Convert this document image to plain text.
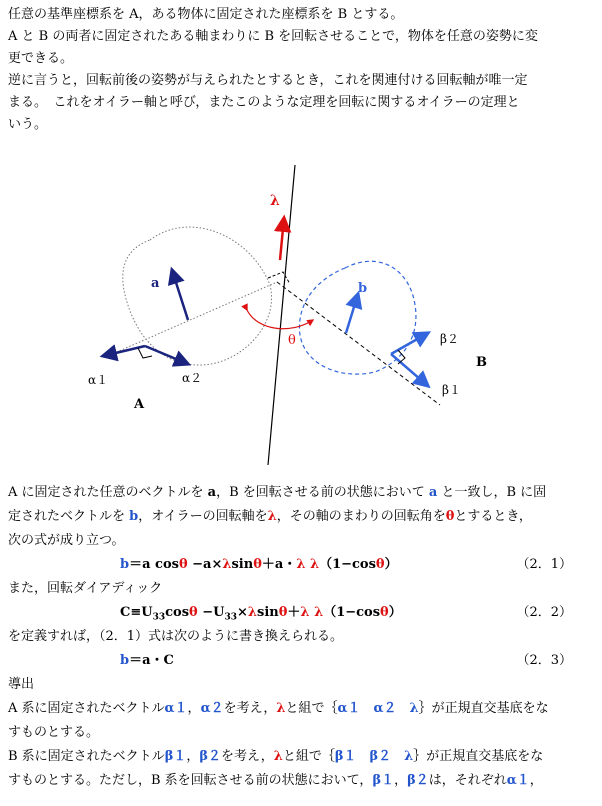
任意の基準座標系を A，ある物体に固定された座標系を B とする。
A と B の両者に固定されたある軸まわりに B を回転させることで，物体を任意の姿勢に変
更できる。
逆に言うと，回転前後の姿勢が与えられたとするとき，これを関連付ける回転軸が唯一定
まる。　これをオイラー軸と呼び，またこのような定理を回転に関するオイラーの定理と
いう。
λ
θ
a
α１	α２
A
b
β２
β１
B
A に固定された任意のベクトルを a，B を回転させる前の状態において a と一致し，B に固
定されたベクトルを b，オイラーの回転軸をλ，その軸のまわりの回転角をθとするとき，
次の式が成り立つ。
b＝a cosθ −a×λsinθ＋a・λ λ（1−cosθ）	（2．1）
また，回転ダイアディック
$C\equiv U_{33}\cos\theta -U_{33}\times\lambda\sin\theta+\lambda$ λ（1−cosθ）	（2．2）
を定義すれば，（2．1）式は次のように書き換えられる。
b＝a・C	（2．3）
導出
A 系に固定されたベクトルα１，α２を考え，λと組で｛α１　α２　λ｝が正規直交基底をな
すものとする。
B 系に固定されたベクトルβ１，β２を考え，λと組で｛β１　β２　λ｝が正規直交基底をな
すものとする。ただし，B 系を回転させる前の状態において，β１，β２は，それぞれα１，
